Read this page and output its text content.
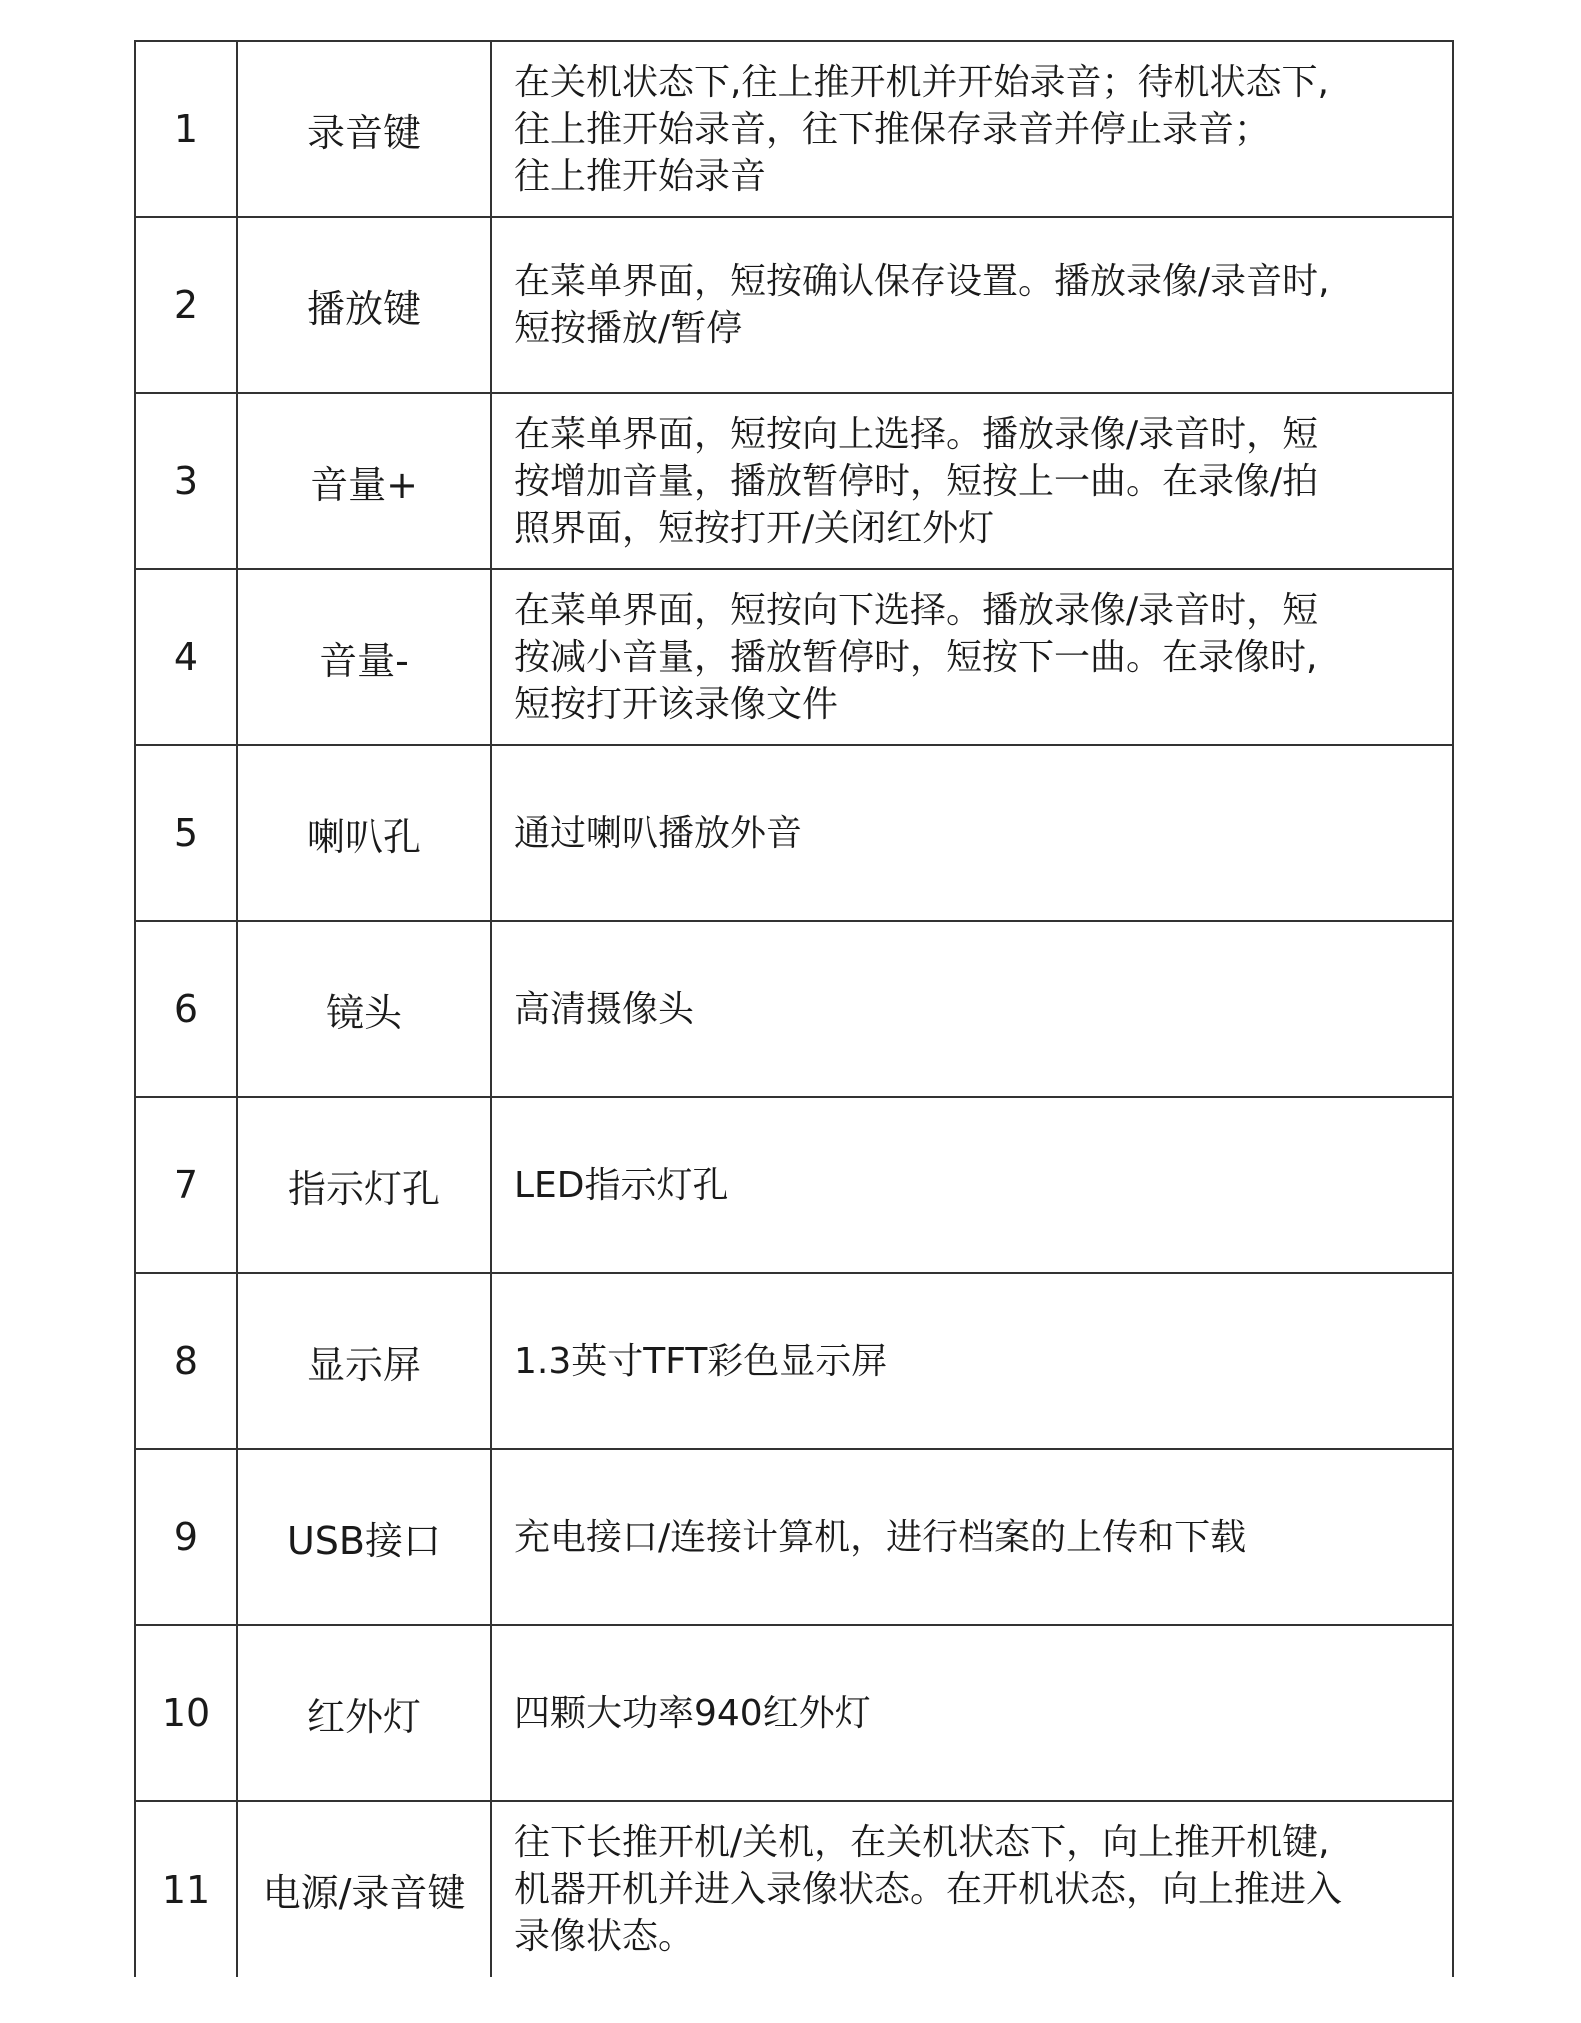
1	录音键	在关机状态下,往上推开机并开始录音；待机状态下,
往上推开始录音，往下推保存录音并停止录音；
往上推开始录音

2	播放键	在菜单界面，短按确认保存设置。播放录像/录音时,
短按播放/暂停

3	音量+	在菜单界面，短按向上选择。播放录像/录音时，短
按增加音量，播放暂停时，短按上一曲。在录像/拍
照界面，短按打开/关闭红外灯

4	音量-	在菜单界面，短按向下选择。播放录像/录音时，短
按减小音量，播放暂停时，短按下一曲。在录像时,
短按打开该录像文件

5	喇叭孔	通过喇叭播放外音

6	镜头	高清摄像头

7	指示灯孔	LED指示灯孔

8	显示屏	1.3英寸TFT彩色显示屏

9	USB接口	充电接口/连接计算机，进行档案的上传和下载

10	红外灯	四颗大功率940红外灯

11	电源/录音键	往下长推开机/关机，在关机状态下，向上推开机键,
机器开机并进入录像状态。在开机状态，向上推进入
录像状态。
